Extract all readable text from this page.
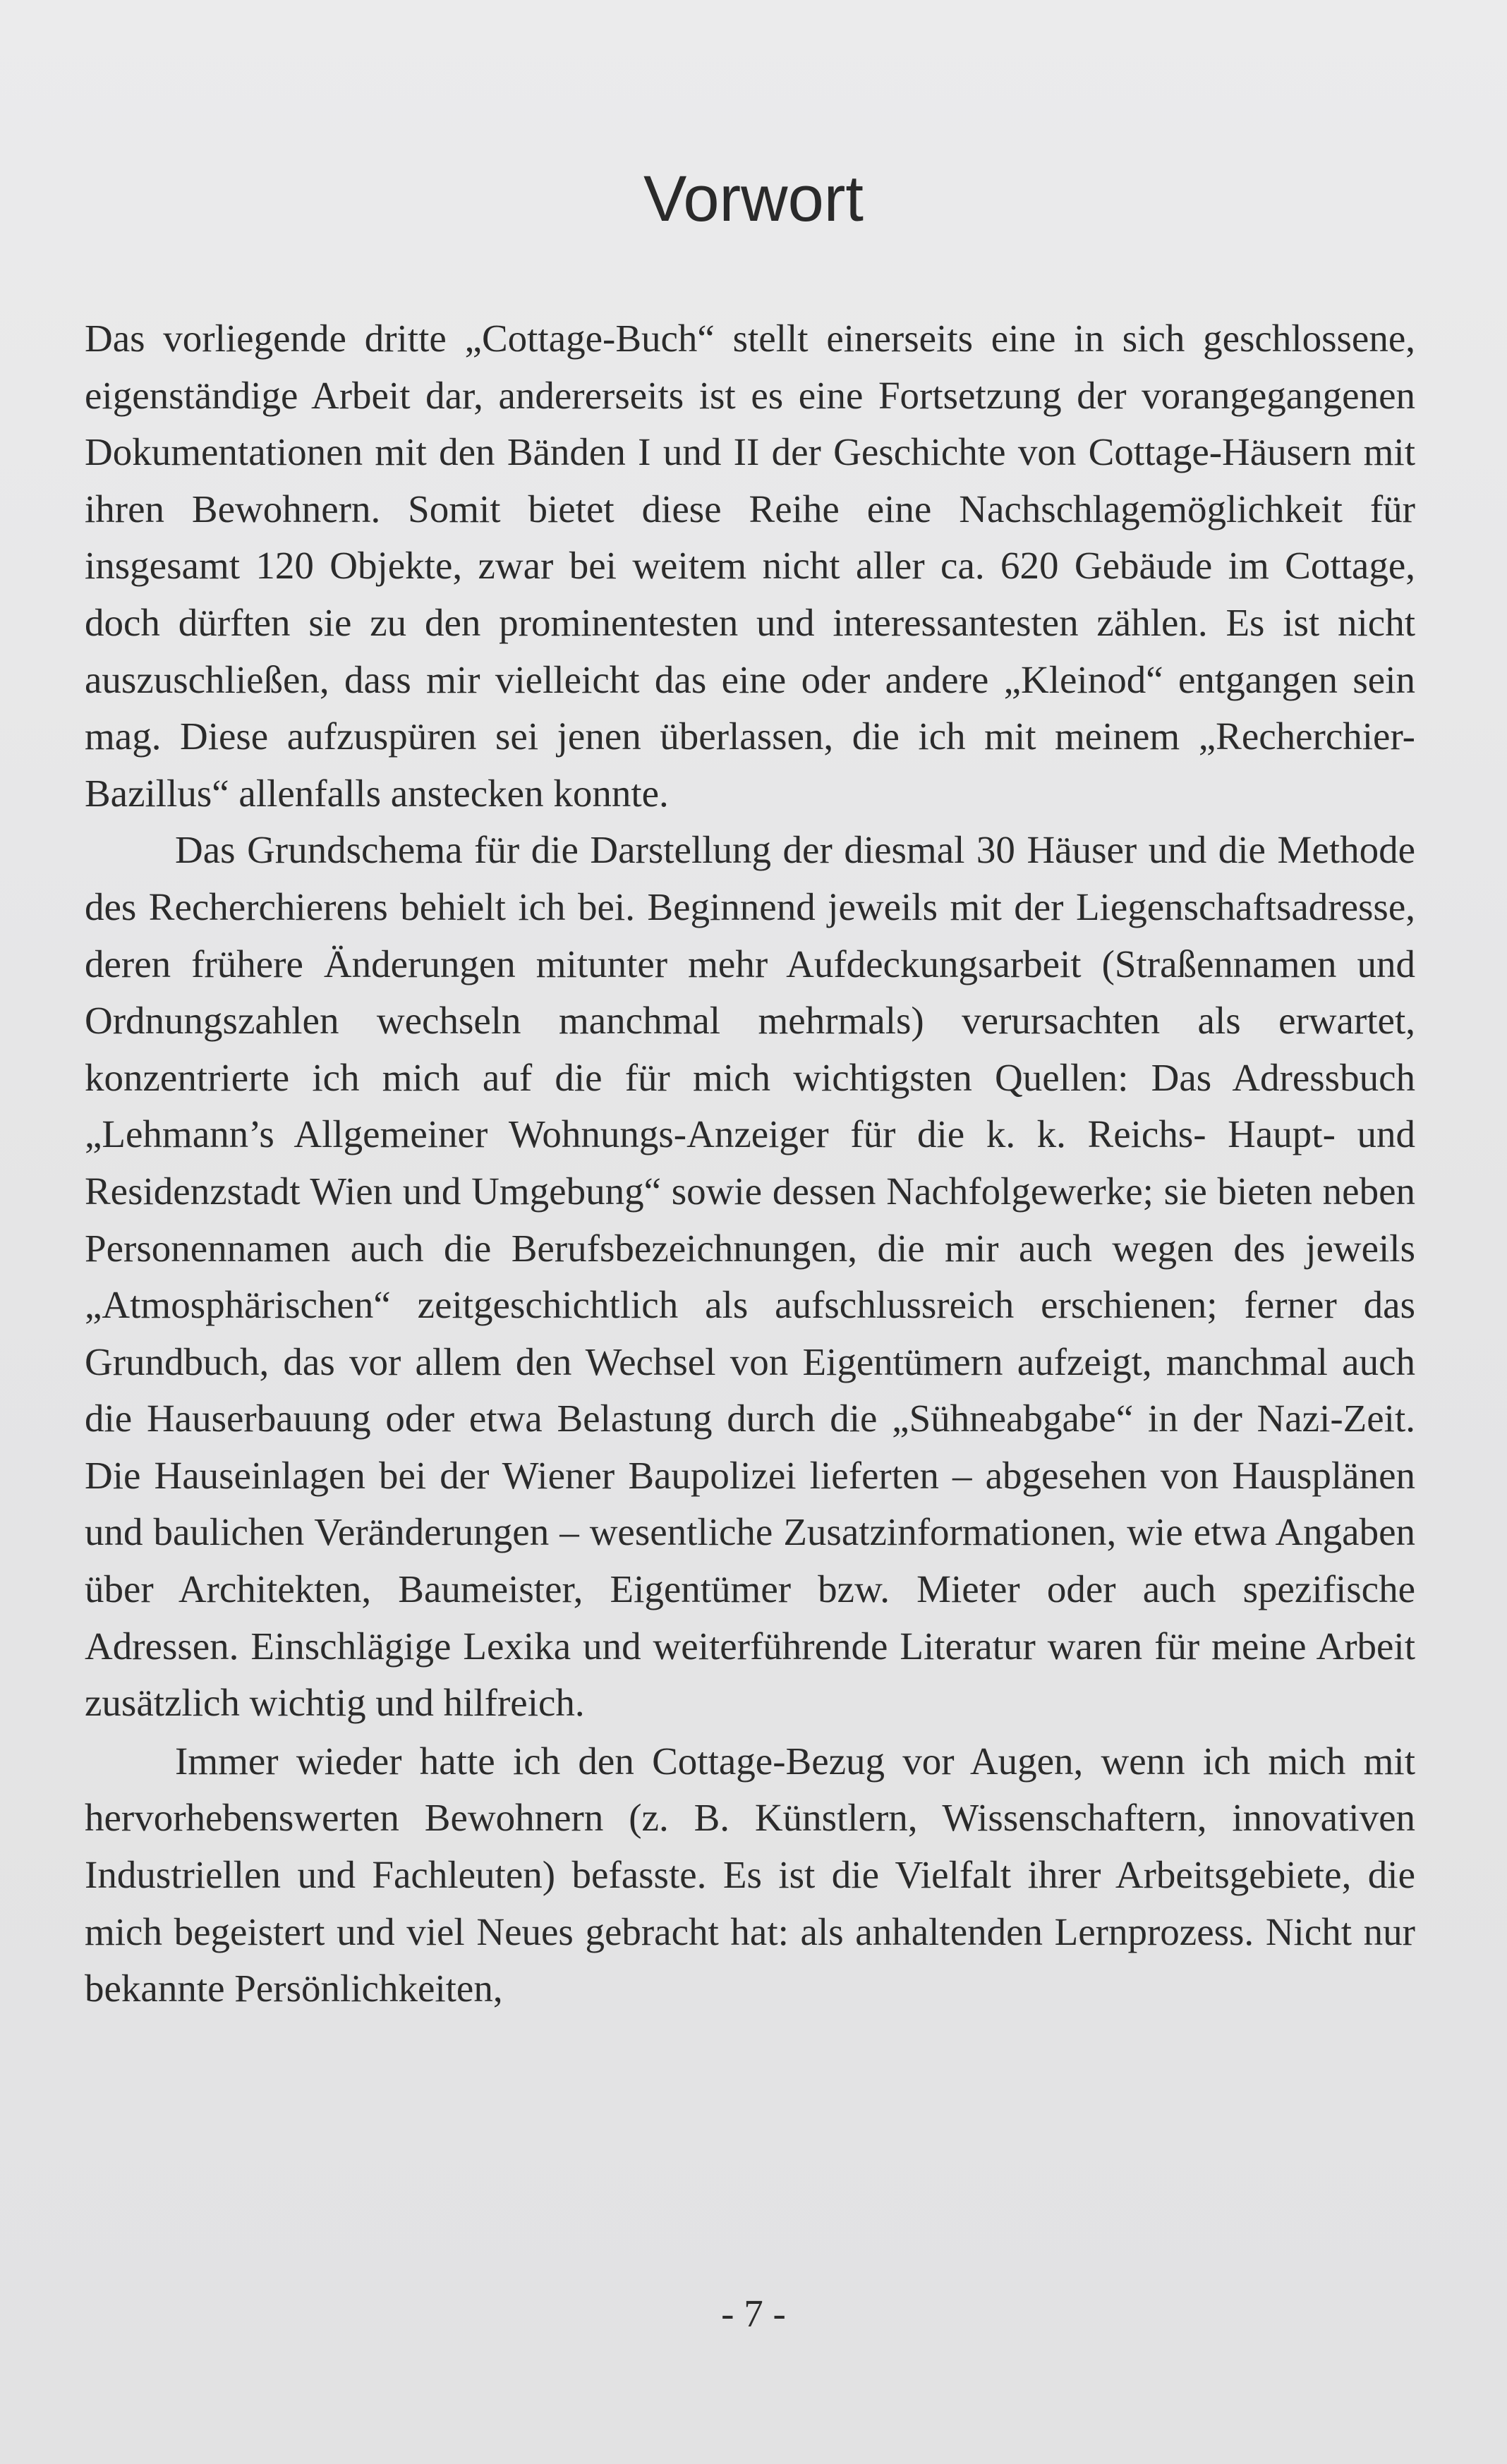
Vorwort

Das vorliegende dritte „Cottage-Buch“ stellt einerseits eine in sich geschlossene, eigenständige Arbeit dar, andererseits ist es eine Fortsetzung der vorangegangenen Dokumentationen mit den Bänden I und II der Geschichte von Cottage-Häusern mit ihren Bewohnern. Somit bietet diese Reihe eine Nachschlagemöglichkeit für insgesamt 120 Objekte, zwar bei weitem nicht aller ca. 620 Gebäude im Cottage, doch dürften sie zu den prominentesten und interessantesten zählen. Es ist nicht auszuschließen, dass mir vielleicht das eine oder andere „Kleinod“ entgangen sein mag. Diese aufzuspüren sei jenen überlassen, die ich mit meinem „Recherchier-Bazillus“ allenfalls anstecken konnte.

Das Grundschema für die Darstellung der diesmal 30 Häuser und die Methode des Recherchierens behielt ich bei. Beginnend jeweils mit der Liegenschaftsadresse, deren frühere Änderungen mitunter mehr Aufdeckungsarbeit (Straßennamen und Ordnungszahlen wechseln manchmal mehrmals) verursachten als erwartet, konzentrierte ich mich auf die für mich wichtigsten Quellen: Das Adressbuch „Lehmann’s Allgemeiner Wohnungs-Anzeiger für die k. k. Reichs- Haupt- und Residenzstadt Wien und Umgebung“ sowie dessen Nachfolgewerke; sie bieten neben Personennamen auch die Berufsbezeichnungen, die mir auch wegen des jeweils „Atmosphärischen“ zeitgeschichtlich als aufschlussreich erschienen; ferner das Grundbuch, das vor allem den Wechsel von Eigentümern aufzeigt, manchmal auch die Hauserbauung oder etwa Belastung durch die „Sühneabgabe“ in der Nazi-Zeit. Die Hauseinlagen bei der Wiener Baupolizei lieferten – abgesehen von Hausplänen und baulichen Veränderungen – wesentliche Zusatzinformationen, wie etwa Angaben über Architekten, Baumeister, Eigentümer bzw. Mieter oder auch spezifische Adressen. Einschlägige Lexika und weiterführende Literatur waren für meine Arbeit zusätzlich wichtig und hilfreich.

Immer wieder hatte ich den Cottage-Bezug vor Augen, wenn ich mich mit hervorhebenswerten Bewohnern (z. B. Künstlern, Wissenschaftern, innovativen Industriellen und Fachleuten) befasste. Es ist die Vielfalt ihrer Arbeitsgebiete, die mich begeistert und viel Neues gebracht hat: als anhaltenden Lernprozess. Nicht nur bekannte Persönlichkeiten,

- 7 -
